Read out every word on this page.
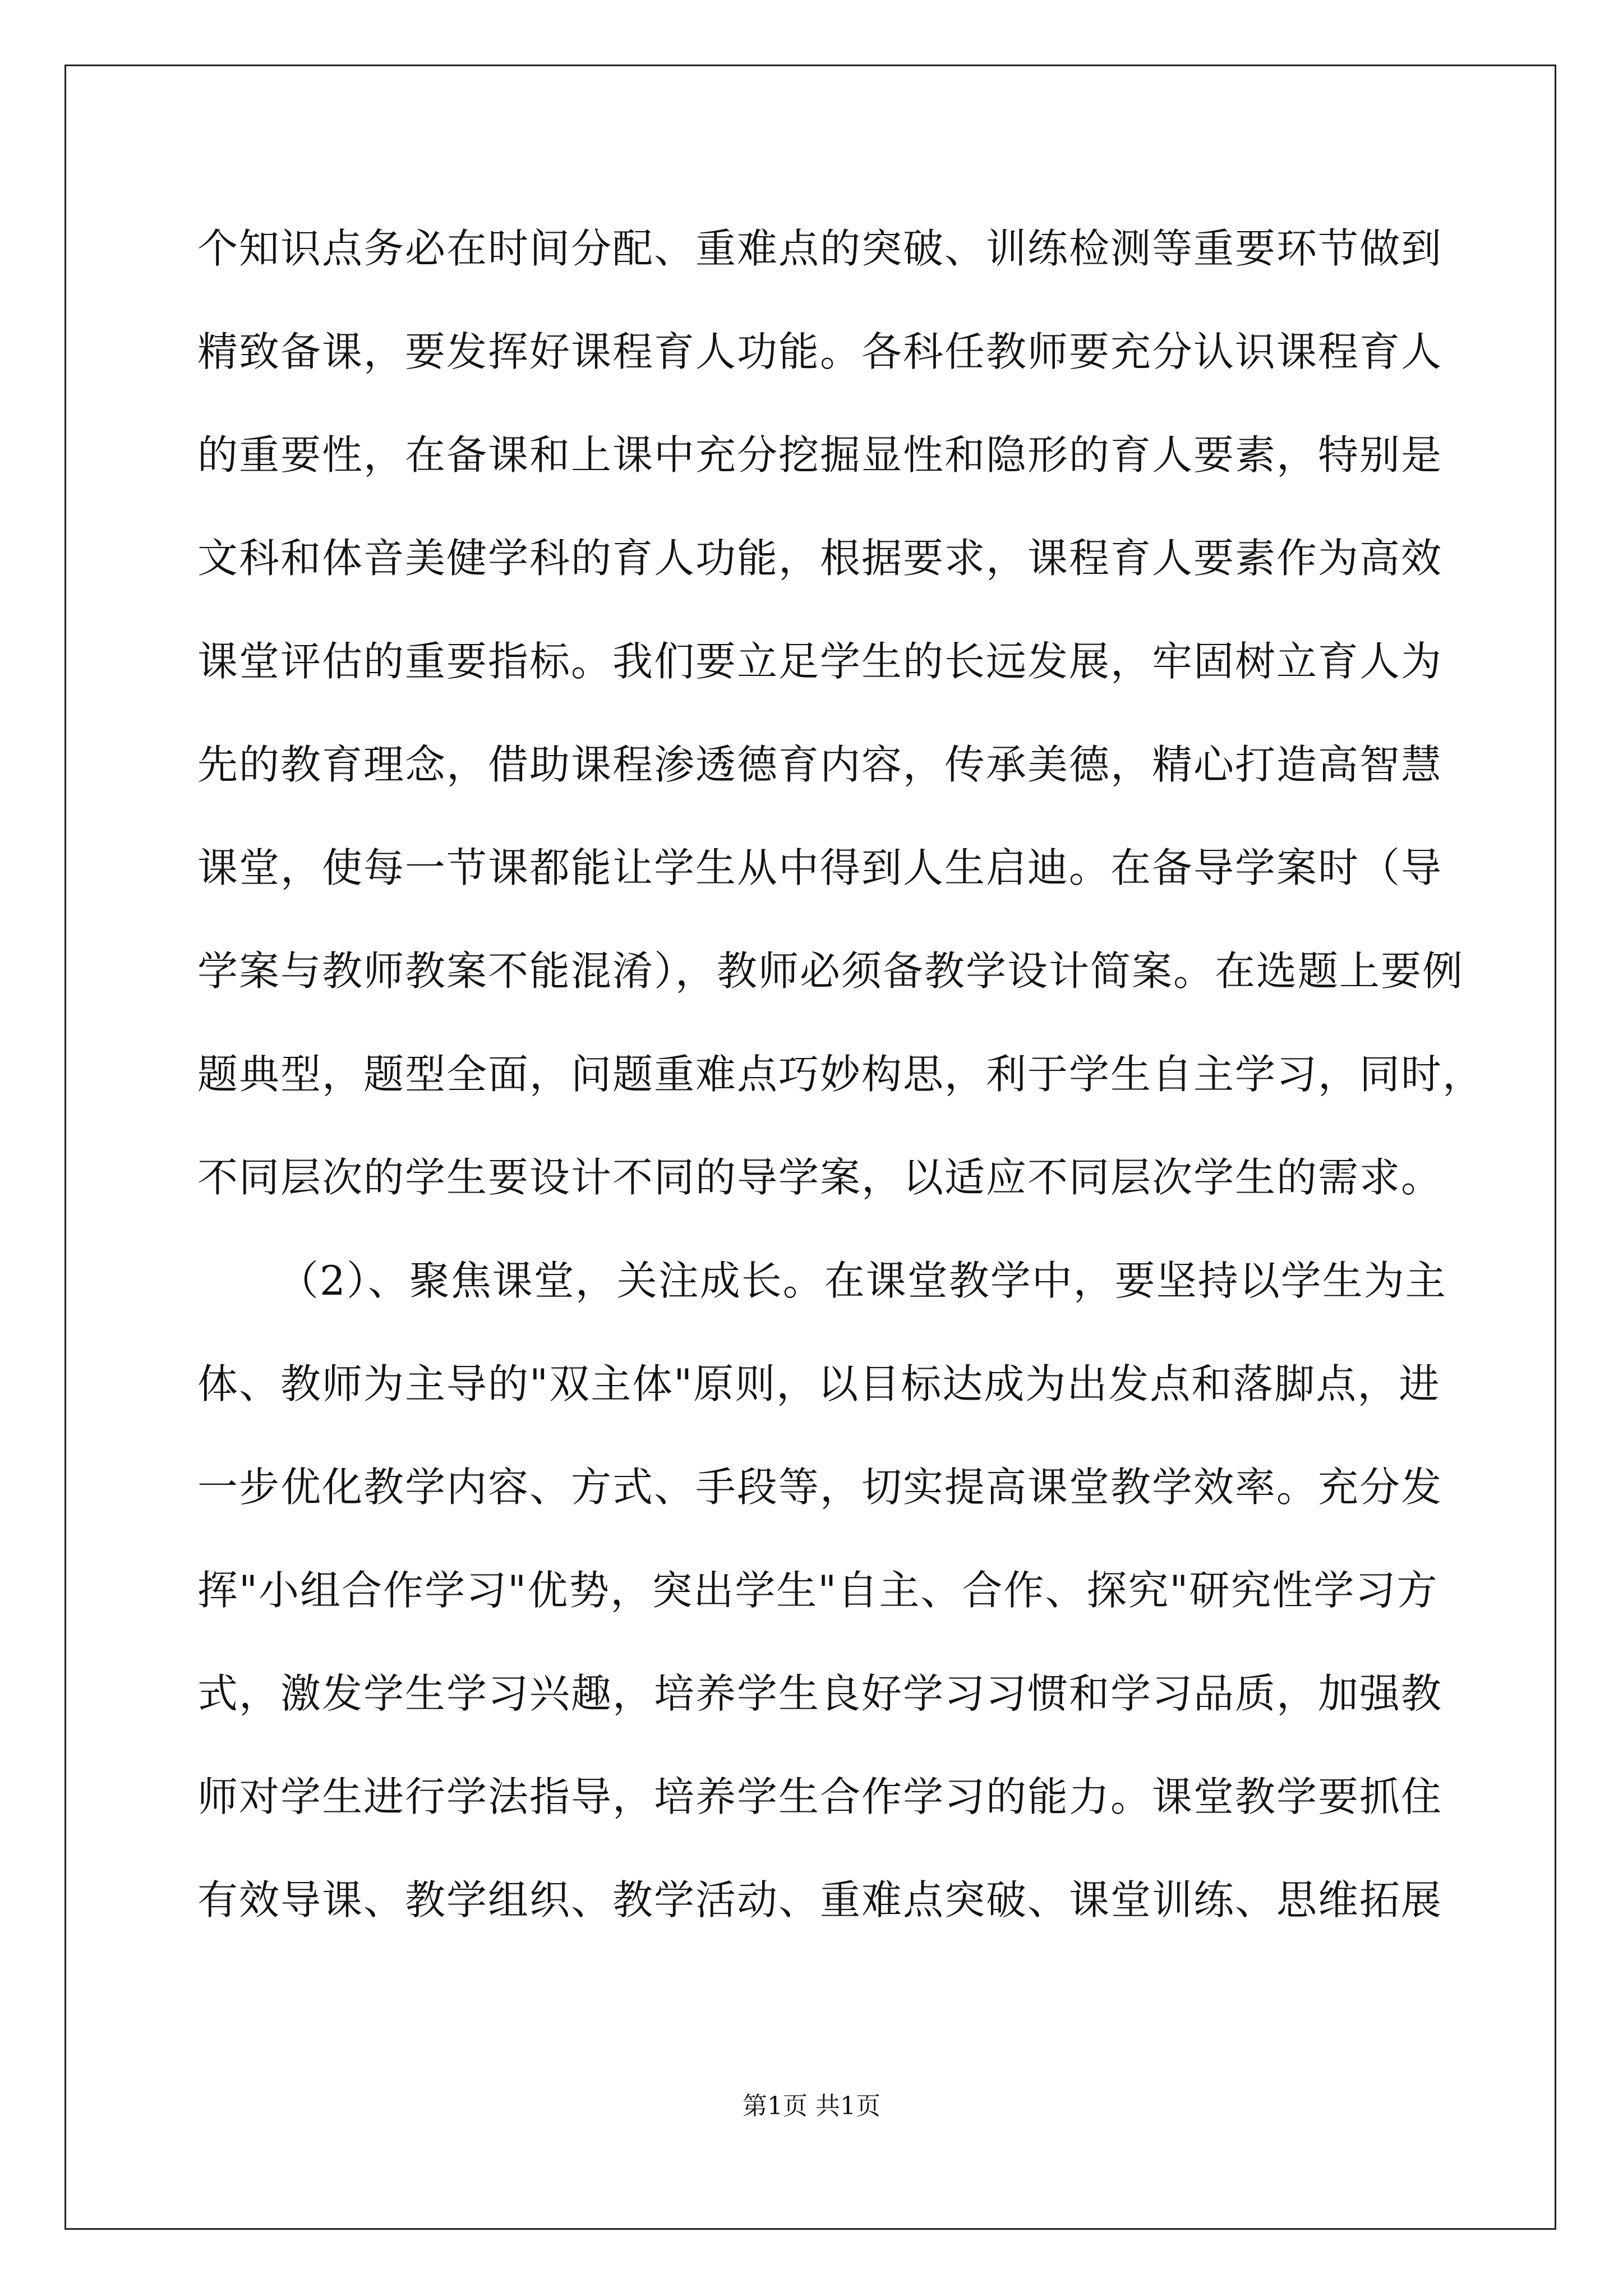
个知识点务必在时间分配、重难点的突破、训练检测等重要环节做到
精致备课，要发挥好课程育人功能。各科任教师要充分认识课程育人
的重要性，在备课和上课中充分挖掘显性和隐形的育人要素，特别是
文科和体音美健学科的育人功能，根据要求，课程育人要素作为高效
课堂评估的重要指标。我们要立足学生的长远发展，牢固树立育人为
先的教育理念，借助课程渗透德育内容，传承美德，精心打造高智慧
课堂，使每一节课都能让学生从中得到人生启迪。在备导学案时（导
学案与教师教案不能混淆），教师必须备教学设计简案。在选题上要例
题典型，题型全面，问题重难点巧妙构思，利于学生自主学习，同时，
不同层次的学生要设计不同的导学案，以适应不同层次学生的需求。
（2）、聚焦课堂，关注成长。在课堂教学中，要坚持以学生为主
体、教师为主导的"双主体"原则，以目标达成为出发点和落脚点，进
一步优化教学内容、方式、手段等，切实提高课堂教学效率。充分发
挥"小组合作学习"优势，突出学生"自主、合作、探究"研究性学习方
式，激发学生学习兴趣，培养学生良好学习习惯和学习品质，加强教
师对学生进行学法指导，培养学生合作学习的能力。课堂教学要抓住
有效导课、教学组织、教学活动、重难点突破、课堂训练、思维拓展
第1页 共1页
